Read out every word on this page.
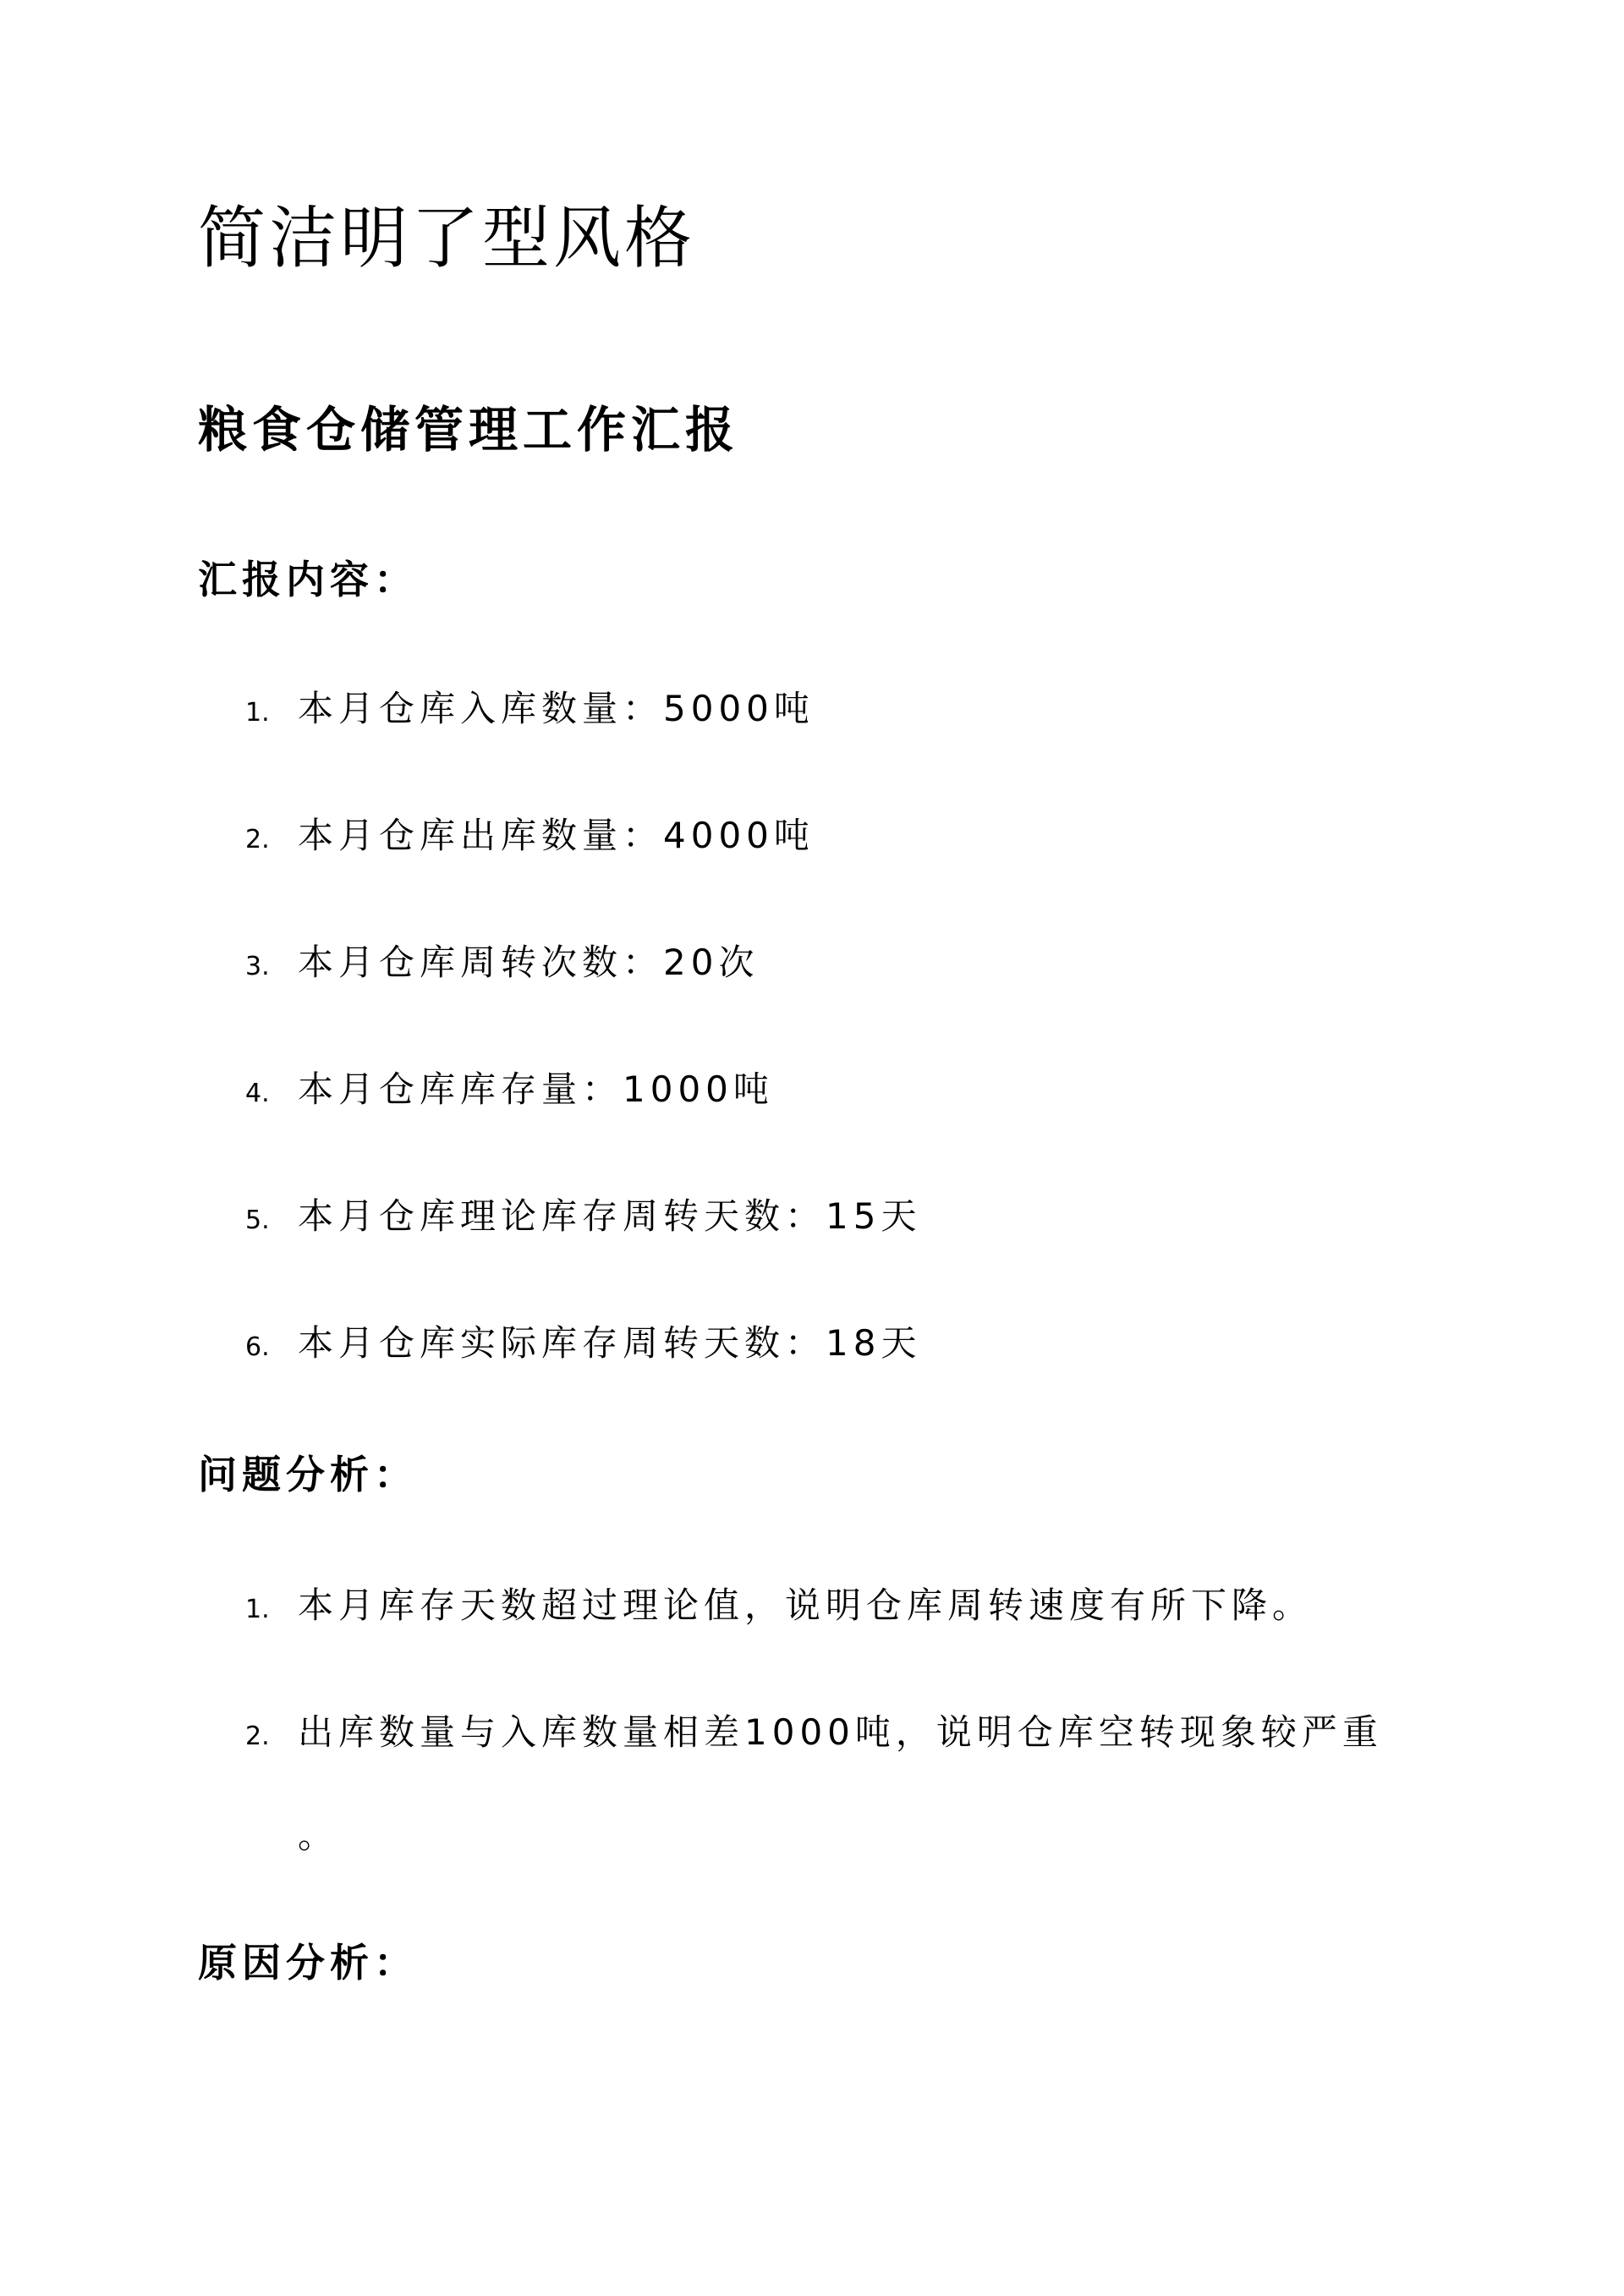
简洁明了型风格
粮食仓储管理工作汇报
汇报内容：
1. 本月仓库入库数量：5000吨
2. 本月仓库出库数量：4000吨
3. 本月仓库周转次数：20次
4. 本月仓库库存量：1000吨
5. 本月仓库理论库存周转天数：15天
6. 本月仓库实际库存周转天数：18天
问题分析：
1. 本月库存天数超过理论值，说明仓库周转速度有所下降。
2. 出库数量与入库数量相差1000吨，说明仓库空转现象较严重
。
原因分析：
